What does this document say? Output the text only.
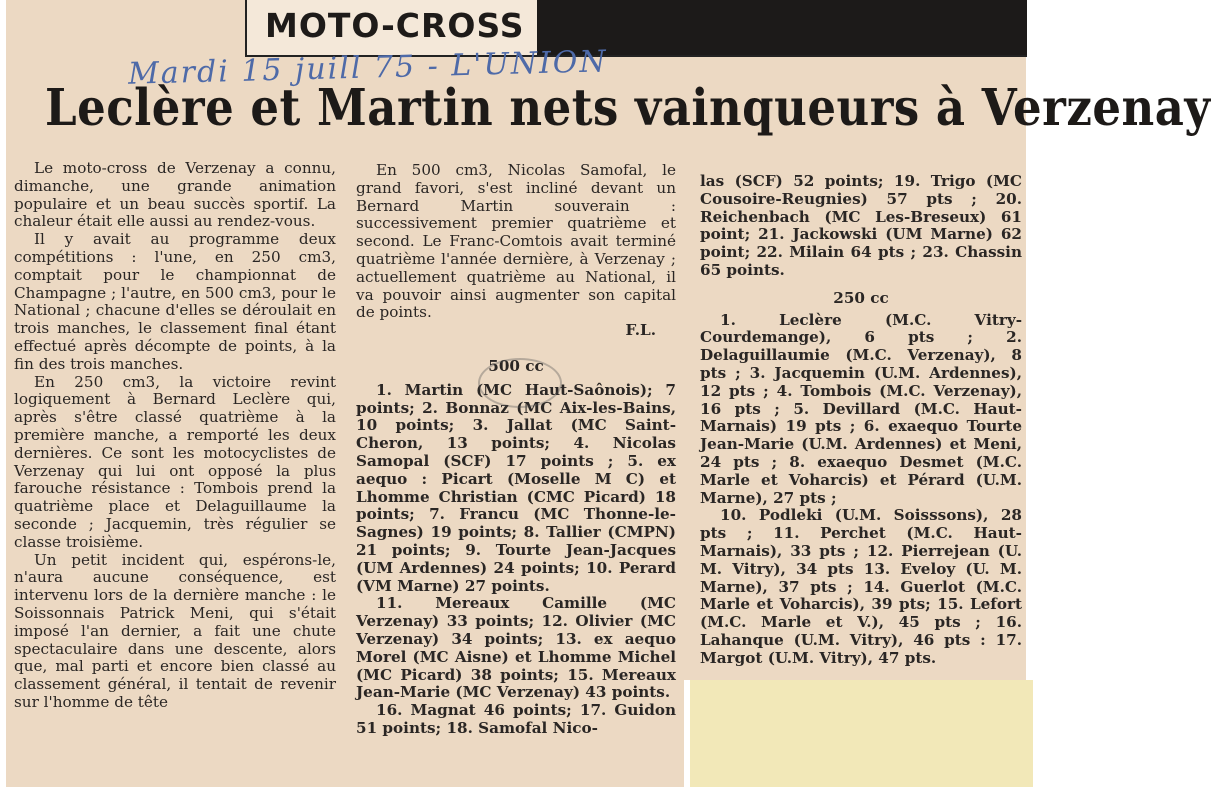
MOTO-CROSS
Mardi 15 juill 75 - L'UNION
Leclère et Martin nets vainqueurs à Verzenay

Le moto-cross de Verzenay a connu, dimanche, une grande animation populaire et un beau succès sportif. La chaleur était elle aussi au rendez-vous.

Il y avait au programme deux compétitions : l'une, en 250 cm3, comptait pour le championnat de Champagne ; l'autre, en 500 cm3, pour le National ; chacune d'elles se déroulait en trois manches, le classement final étant effectué après décompte de points, à la fin des trois manches.

En 250 cm3, la victoire revint logiquement à Bernard Leclère qui, après s'être classé quatrième à la première manche, a remporté les deux dernières. Ce sont les motocyclistes de Verzenay qui lui ont opposé la plus farouche résistance : Tombois prend la quatrième place et Delaguillaume la seconde ; Jacquemin, très régulier se classe troisième.

Un petit incident qui, espérons-le, n'aura aucune conséquence, est intervenu lors de la dernière manche : le Soissonnais Patrick Meni, qui s'était imposé l'an dernier, a fait une chute spectaculaire dans une descente, alors que, mal parti et encore bien classé au classement général, il tentait de revenir sur l'homme de tête

En 500 cm3, Nicolas Samofal, le grand favori, s'est incliné devant un Bernard Martin souverain : successivement premier quatrième et second. Le Franc-Comtois avait terminé quatrième l'année dernière, à Verzenay ; actuellement quatrième au National, il va pouvoir ainsi augmenter son capital de points.

F.L.
500 cc

1. Martin (MC Haut-Saônois); 7 points; 2. Bonnaz (MC Aix-les-Bains, 10 points; 3. Jallat (MC Saint-Cheron, 13 points; 4. Nicolas Samopal (SCF) 17 points ; 5. ex aequo : Picart (Moselle M C) et Lhomme Christian (CMC Picard) 18 points; 7. Francu (MC Thonne-le-Sagnes) 19 points; 8. Tallier (CMPN) 21 points; 9. Tourte Jean-Jacques (UM Ardennes) 24 points; 10. Perard (VM Marne) 27 points.

11. Mereaux Camille (MC Verzenay) 33 points; 12. Olivier (MC Verzenay) 34 points; 13. ex aequo Morel (MC Aisne) et Lhomme Michel (MC Picard) 38 points; 15. Mereaux Jean-Marie (MC Verzenay) 43 points.

16. Magnat 46 points; 17. Guidon 51 points; 18. Samofal Nico-

las (SCF) 52 points; 19. Trigo (MC Cousoire-Reugnies) 57 pts ; 20. Reichenbach (MC Les-Breseux) 61 point; 21. Jackowski (UM Marne) 62 point; 22. Milain 64 pts ; 23. Chassin 65 points.

250 cc

1. Leclère (M.C. Vitry-Courdemange), 6 pts ; 2. Delaguillaumie (M.C. Verzenay), 8 pts ; 3. Jacquemin (U.M. Ardennes), 12 pts ; 4. Tombois (M.C. Verzenay), 16 pts ; 5. Devillard (M.C. Haut-Marnais) 19 pts ; 6. exaequo Tourte Jean-Marie (U.M. Ardennes) et Meni, 24 pts ; 8. exaequo Desmet (M.C. Marle et Voharcis) et Pérard (U.M. Marne), 27 pts ;

10. Podleki (U.M. Soisssons), 28 pts ; 11. Perchet (M.C. Haut-Marnais), 33 pts ; 12. Pierrejean (U. M. Vitry), 34 pts 13. Eveloy (U. M. Marne), 37 pts ; 14. Guerlot (M.C. Marle et Voharcis), 39 pts; 15. Lefort (M.C. Marle et V.), 45 pts ; 16. Lahanque (U.M. Vitry), 46 pts : 17. Margot (U.M. Vitry), 47 pts.
